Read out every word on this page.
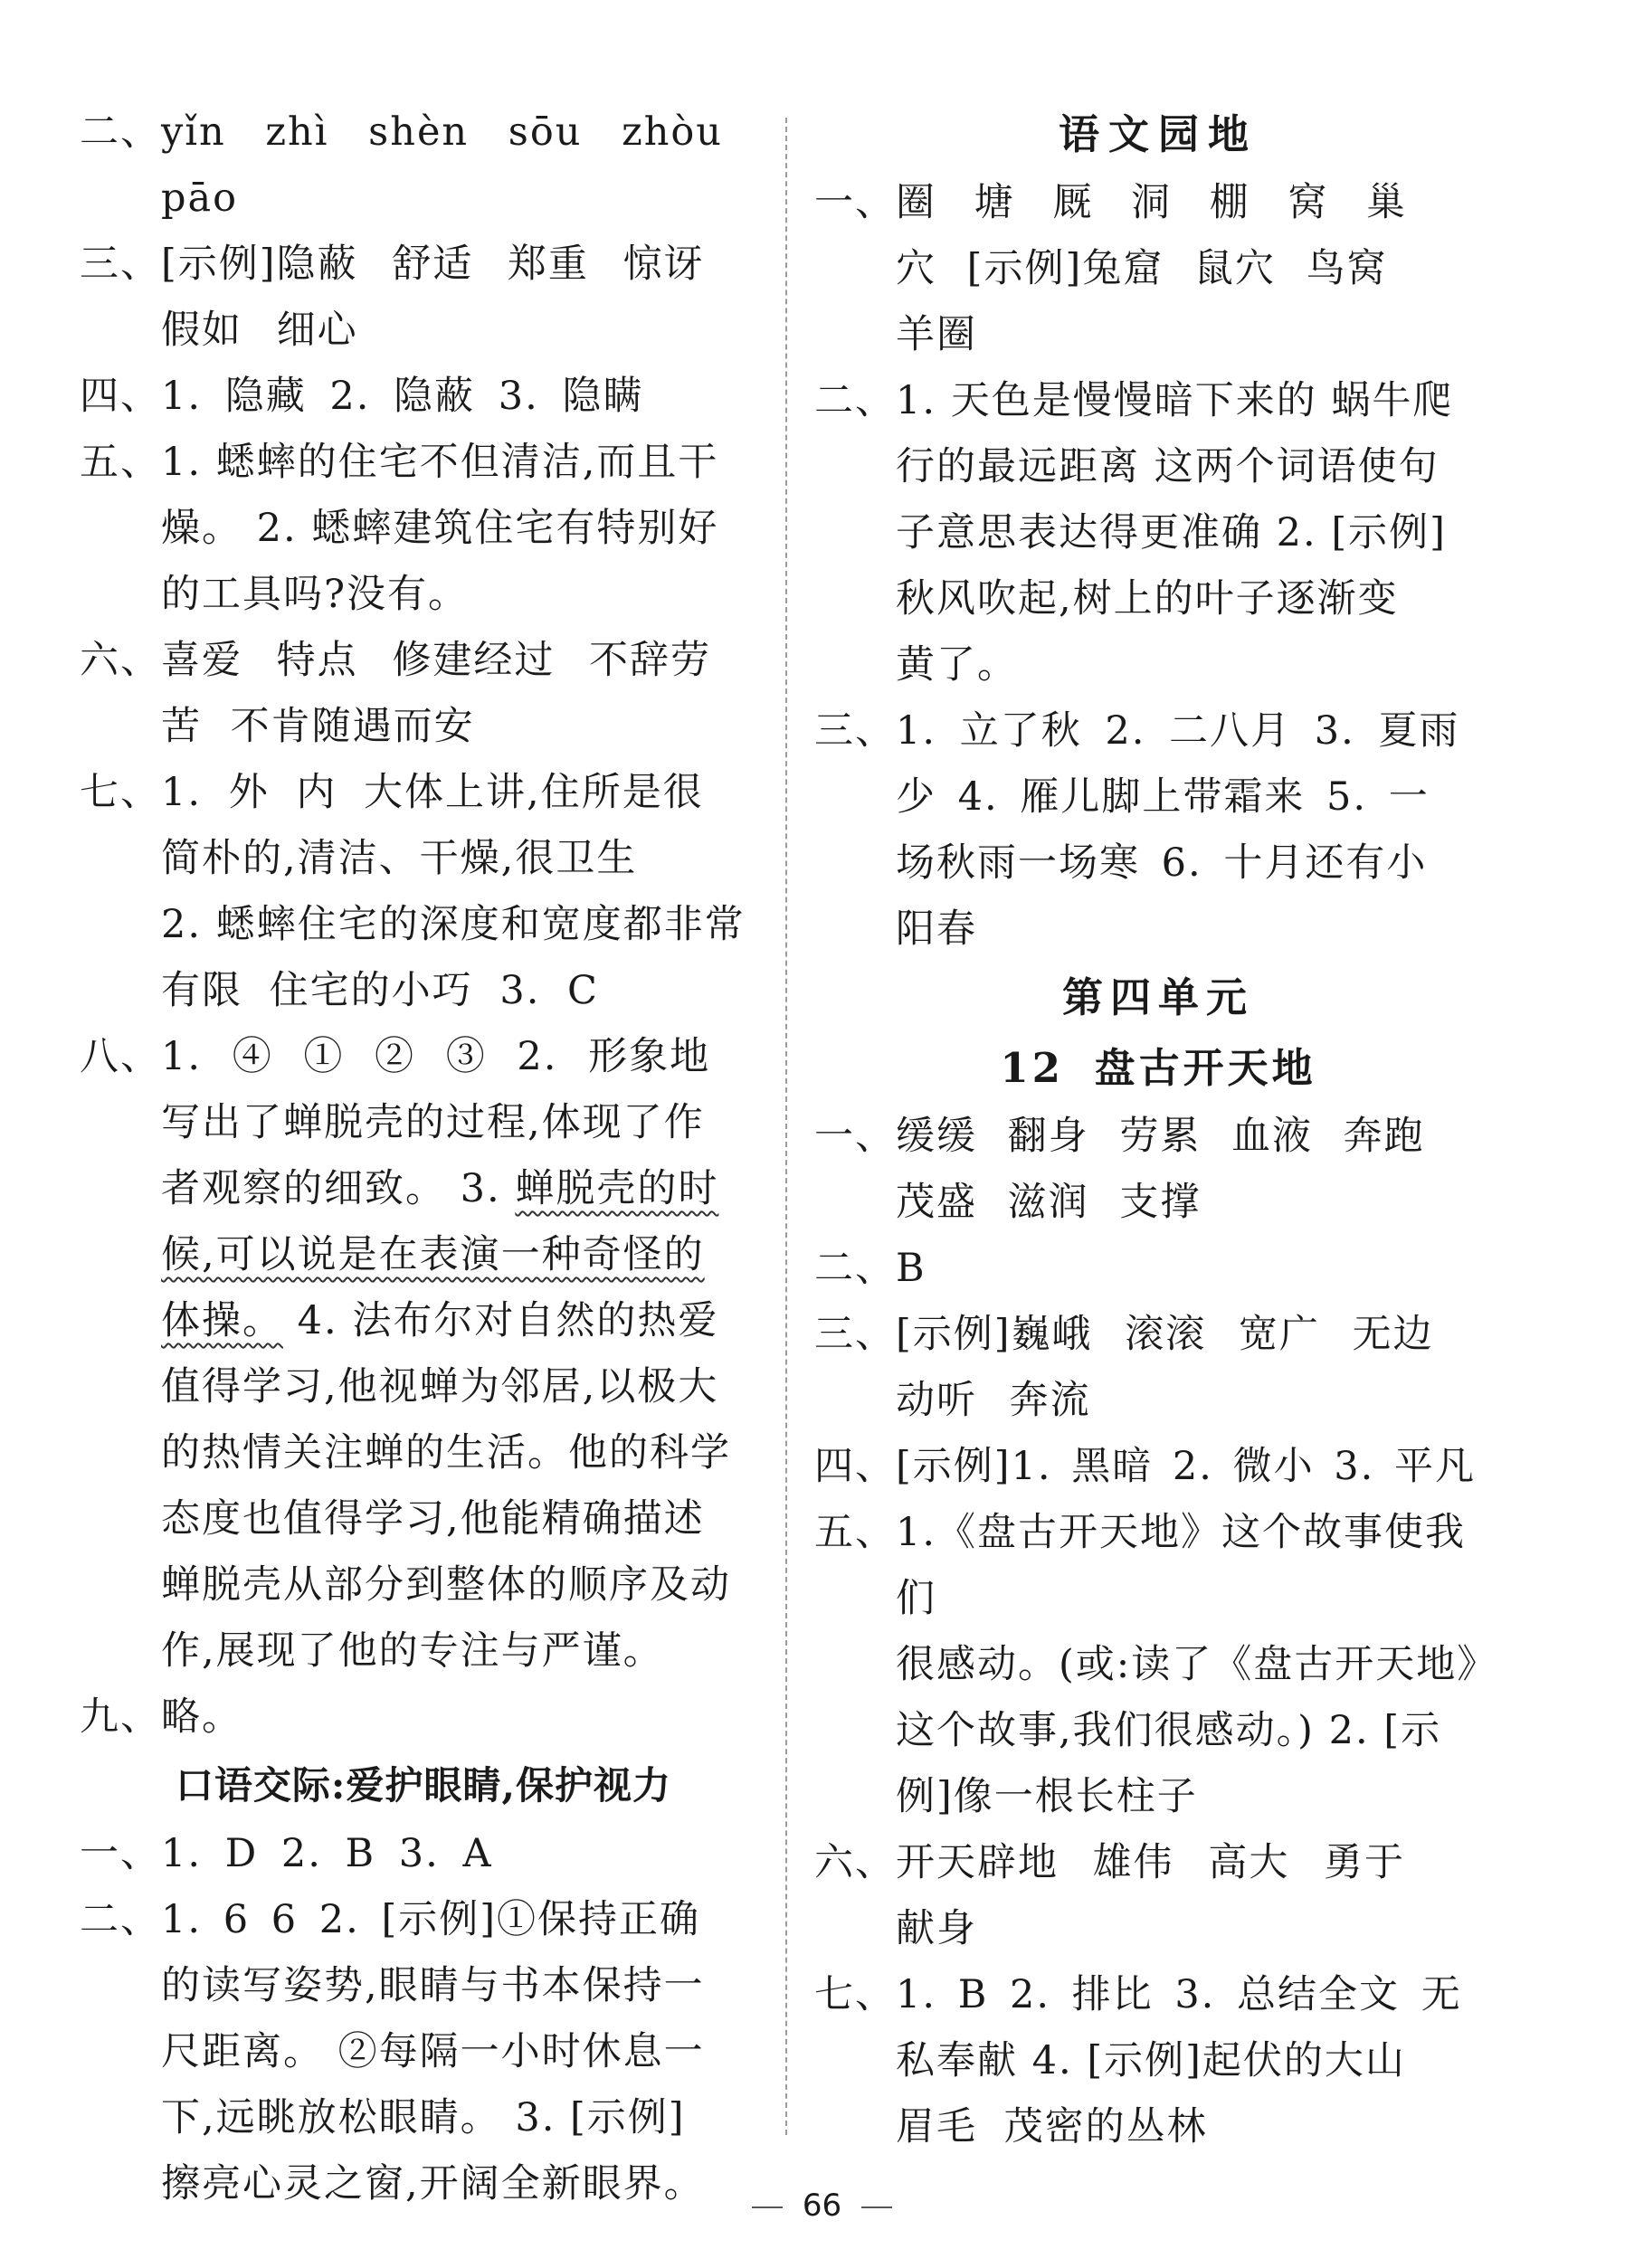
二、 yǐn zhì shèn sōu zhòu
pāo
三、 [示例]隐蔽 舒适 郑重 惊讶
假如 细心
四、 1. 隐藏 2. 隐蔽 3. 隐瞒
五、 1. 蟋蟀的住宅不但清洁,而且干
燥。 2. 蟋蟀建筑住宅有特别好
的工具吗?没有。
六、 喜爱 特点 修建经过 不辞劳
苦 不肯随遇而安
七、 1. 外 内 大体上讲,住所是很
简朴的,清洁、干燥,很卫生
2. 蟋蟀住宅的深度和宽度都非常
有限 住宅的小巧 3. C
八、 1. ④ ① ② ③ 2. 形象地
写出了蝉脱壳的过程,体现了作
者观察的细致。 3. 蝉脱壳的时
候,可以说是在表演一种奇怪的
体操。 4. 法布尔对自然的热爱
值得学习,他视蝉为邻居,以极大
的热情关注蝉的生活。他的科学
态度也值得学习,他能精确描述
蝉脱壳从部分到整体的顺序及动
作,展现了他的专注与严谨。
九、 略。
口语交际:爱护眼睛,保护视力
一、 1. D 2. B 3. A
二、 1. 6 6 2. [示例]①保持正确
的读写姿势,眼睛与书本保持一
尺距离。 ②每隔一小时休息一
下,远眺放松眼睛。 3. [示例]
擦亮心灵之窗,开阔全新眼界。
语文园地
一、 圈 塘 厩 洞 棚 窝 巢
穴 [示例]兔窟 鼠穴 鸟窝
羊圈
二、 1. 天色是慢慢暗下来的 蜗牛爬
行的最远距离 这两个词语使句
子意思表达得更准确 2. [示例]
秋风吹起,树上的叶子逐渐变
黄了。
三、 1. 立了秋 2. 二八月 3. 夏雨
少 4. 雁儿脚上带霜来 5. 一
场秋雨一场寒 6. 十月还有小
阳春
第四单元
12 盘古开天地
一、 缓缓 翻身 劳累 血液 奔跑
茂盛 滋润 支撑
二、 B
三、 [示例]巍峨 滚滚 宽广 无边
动听 奔流
四、 [示例]1. 黑暗 2. 微小 3. 平凡
五、 1.《盘古开天地》这个故事使我们
很感动。(或:读了《盘古开天地》
这个故事,我们很感动。) 2. [示
例]像一根长柱子
六、 开天辟地 雄伟 高大 勇于
献身
七、 1. B 2. 排比 3. 总结全文 无
私奉献 4. [示例]起伏的大山
眉毛 茂密的丛林
66
